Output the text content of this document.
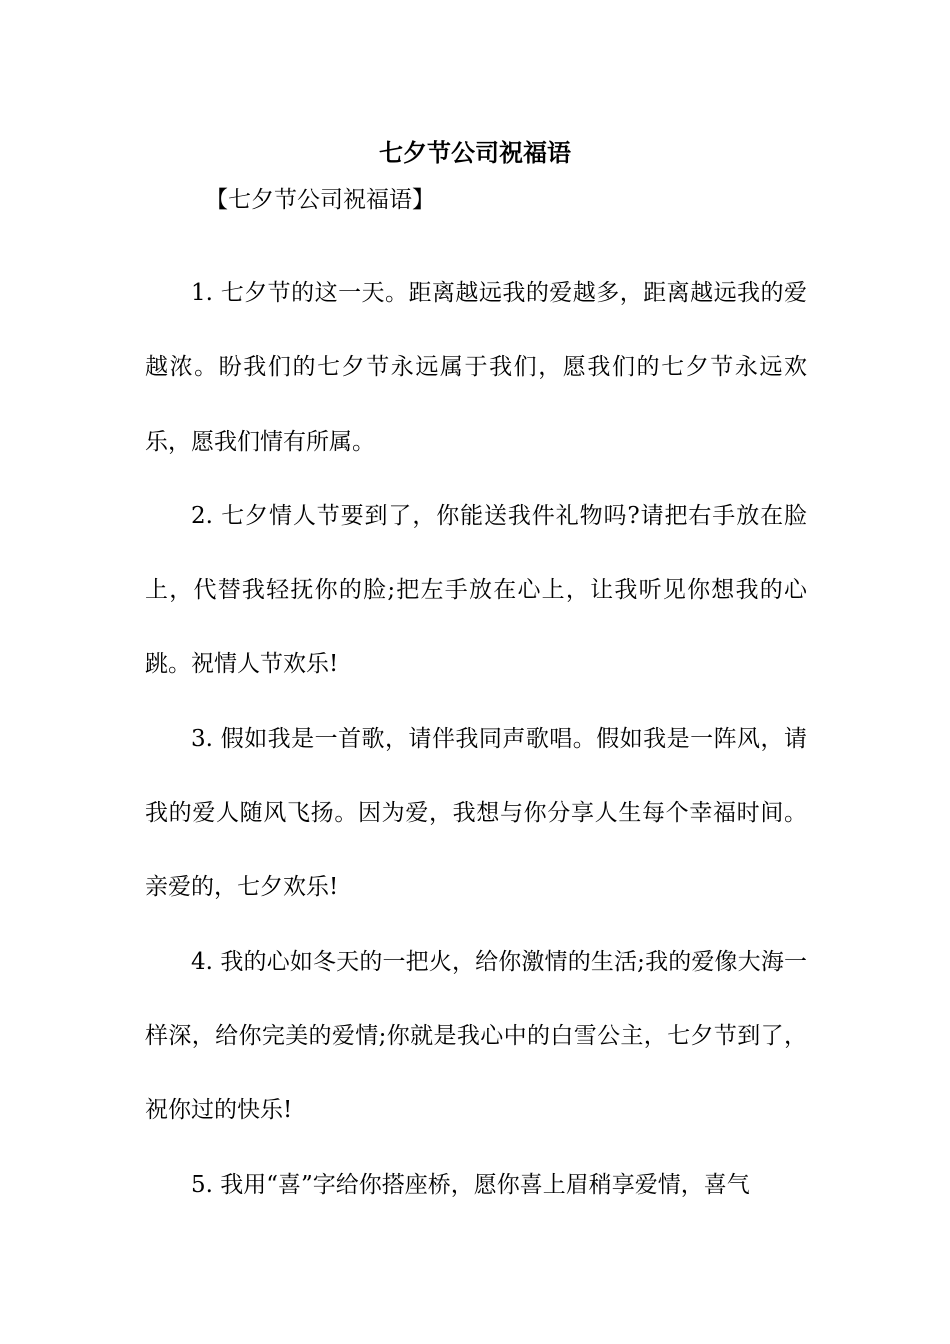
七夕节公司祝福语

【七夕节公司祝福语】

1. 七夕节的这一天。距离越远我的爱越多，距离越远我的爱越浓。盼我们的七夕节永远属于我们，愿我们的七夕节永远欢乐，愿我们情有所属。

2. 七夕情人节要到了，你能送我件礼物吗?请把右手放在脸上，代替我轻抚你的脸;把左手放在心上，让我听见你想我的心跳。祝情人节欢乐!

3. 假如我是一首歌，请伴我同声歌唱。假如我是一阵风，请我的爱人随风飞扬。因为爱，我想与你分享人生每个幸福时间。亲爱的，七夕欢乐!

4. 我的心如冬天的一把火，给你激情的生活;我的爱像大海一样深，给你完美的爱情;你就是我心中的白雪公主，七夕节到了，祝你过的快乐!

5. 我用“喜”字给你搭座桥，愿你喜上眉稍享爱情，喜气
